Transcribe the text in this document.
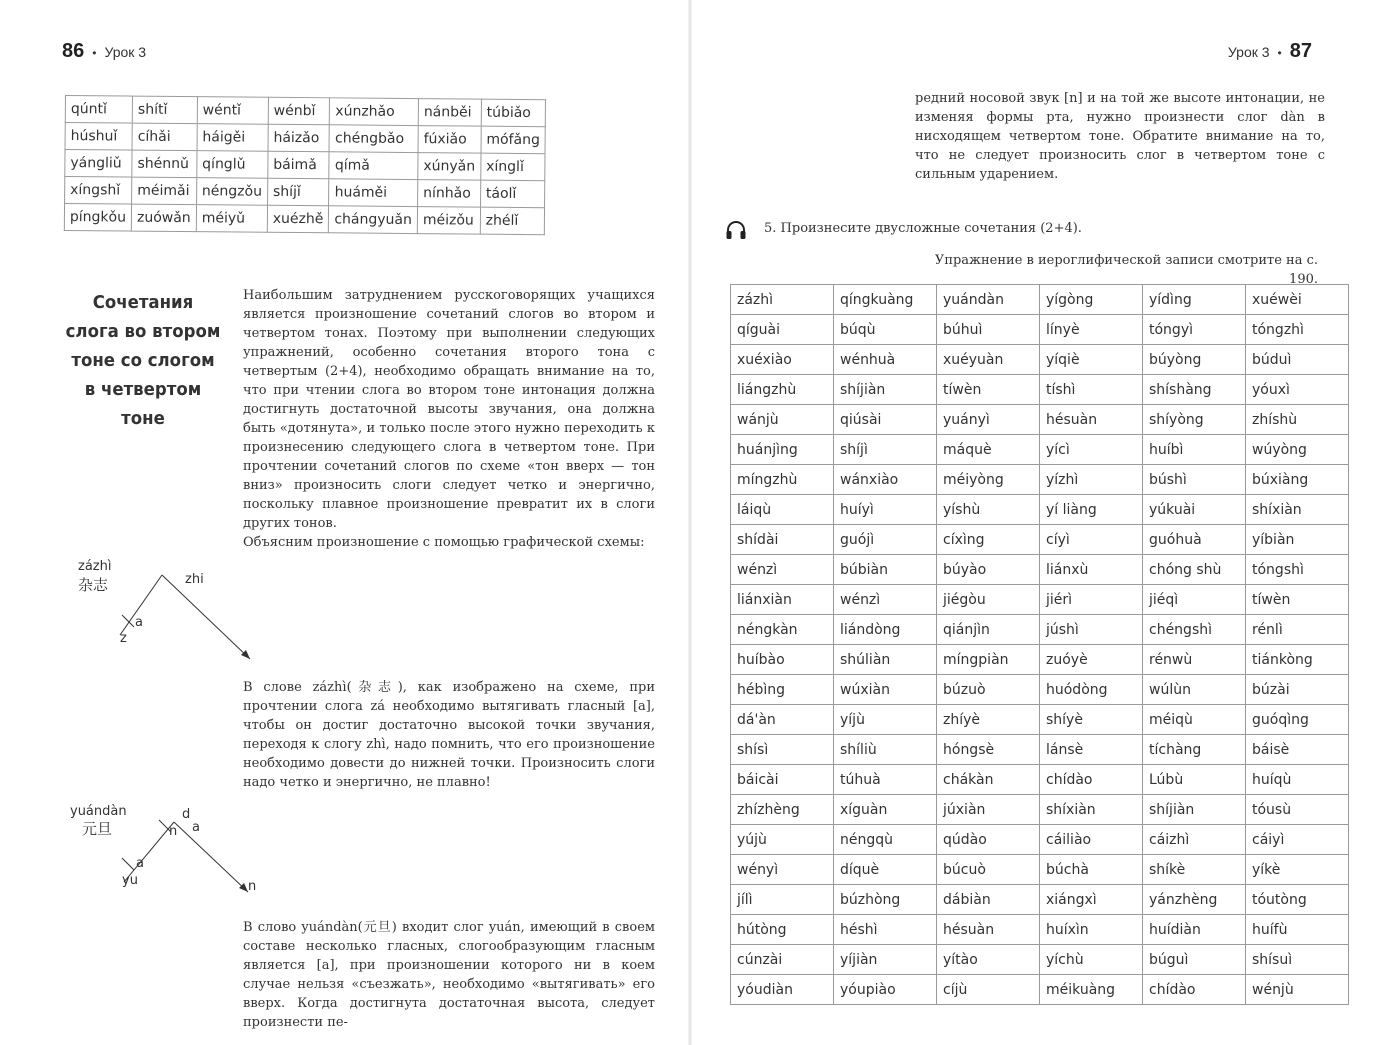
86 • Урок 3
qúntǐ	shítǐ	wéntǐ	wénbǐ	xúnzhǎo	nánběi	túbiǎo
húshuǐ	cíhǎi	háigěi	háizǎo	chéngbǎo	fúxiǎo	mófǎng
yángliǔ	shénnǔ	qínglǔ	báimǎ	qímǎ	xúnyǎn	xínglǐ
xíngshǐ	méimǎi	néngzǒu	shíjǐ	huáměi	nínhǎo	táolǐ
píngkǒu	zuówǎn	méiyǔ	xuézhě	chángyuǎn	méizǒu	zhélǐ
Сочетания
слога во втором
тоне со слогом
в четвертом
тоне
Наибольшим затруднением русскоговорящих учащихся является произношение сочетаний слогов во втором и четвертом тонах. Поэтому при выполнении следующих упражнений, особенно сочетания второго тона с четвертым (2+4), необходимо обращать внимание на то, что при чтении слога во втором тоне интонация должна достигнуть достаточной высоты звучания, она должна быть «дотянута», и только после этого нужно переходить к произнесению следующего слога в четвертом тоне. При прочтении сочетаний слогов по схеме «тон вверх — тон вниз» произносить слоги следует четко и энергично, поскольку плавное произношение превратит их в слоги других тонов.
Объясним произношение с помощью графической схемы:
zázhì
杂志	zhi
a
z
В слове zázhì(杂志), как изображено на схеме, при прочтении слога zá необходимо вытягивать гласный [a], чтобы он достиг достаточно высокой точки звучания, переходя к слогу zhì, надо помнить, что его произношение необходимо довести до нижней точки. Произносить слоги надо четко и энергично, не плавно!
yuándàn
元旦
d
n a
a
yu	n
В слово yuándàn(元旦) входит слог yuán, имеющий в своем составе несколько гласных, слогообразующим гласным является [a], при произношении которого ни в коем случае нельзя «съезжать», необходимо «вытягивать» его вверх. Когда достигнута достаточная высота, следует произнести пе-
Урок 3 • 87
редний носовой звук [n] и на той же высоте интонации, не изменяя формы рта, нужно произнести слог dàn в нисходящем четвертом тоне. Обратите внимание на то, что не следует произносить слог в четвертом тоне с сильным ударением.
5. Произнесите двусложные сочетания (2+4).
Упражнение в иероглифической записи смотрите на с. 190.
zázhì	qíngkuàng	yuándàn	yígòng	yídìng	xuéwèi
qíguài	búqù	búhuì	línyè	tóngyì	tóngzhì
xuéxiào	wénhuà	xuéyuàn	yíqiè	búyòng	búduì
liángzhù	shíjiàn	tíwèn	tíshì	shíshàng	yóuxì
wánjù	qiúsài	yuányì	hésuàn	shíyòng	zhíshù
huánjìng	shíjì	máquè	yícì	huíbì	wúyòng
míngzhù	wánxiào	méiyòng	yízhì	búshì	búxiàng
láiqù	huíyì	yíshù	yí liàng	yúkuài	shíxiàn
shídài	guójì	cíxìng	cíyì	guóhuà	yíbiàn
wénzì	búbiàn	búyào	liánxù	chóng shù	tóngshì
liánxiàn	wénzì	jiégòu	jiérì	jiéqì	tíwèn
néngkàn	liándòng	qiánjìn	júshì	chéngshì	rénlì
huíbào	shúliàn	míngpiàn	zuóyè	rénwù	tiánkòng
hébìng	wúxiàn	búzuò	huódòng	wúlùn	búzài
dá'àn	yíjù	zhíyè	shíyè	méiqù	guóqìng
shísì	shíliù	hóngsè	lánsè	tíchàng	báisè
báicài	túhuà	chákàn	chídào	Lúbù	huíqù
zhízhèng	xíguàn	júxiàn	shíxiàn	shíjiàn	tóusù
yújù	néngqù	qúdào	cáiliào	cáizhì	cáiyì
wényì	díquè	búcuò	búchà	shíkè	yíkè
jílì	búzhòng	dábiàn	xiángxì	yánzhèng	tóutòng
hútòng	héshì	hésuàn	huíxìn	huídiàn	huífù
cúnzài	yíjiàn	yítào	yíchù	búguì	shísuì
yóudiàn	yóupiào	cíjù	méikuàng	chídào	wénjù
